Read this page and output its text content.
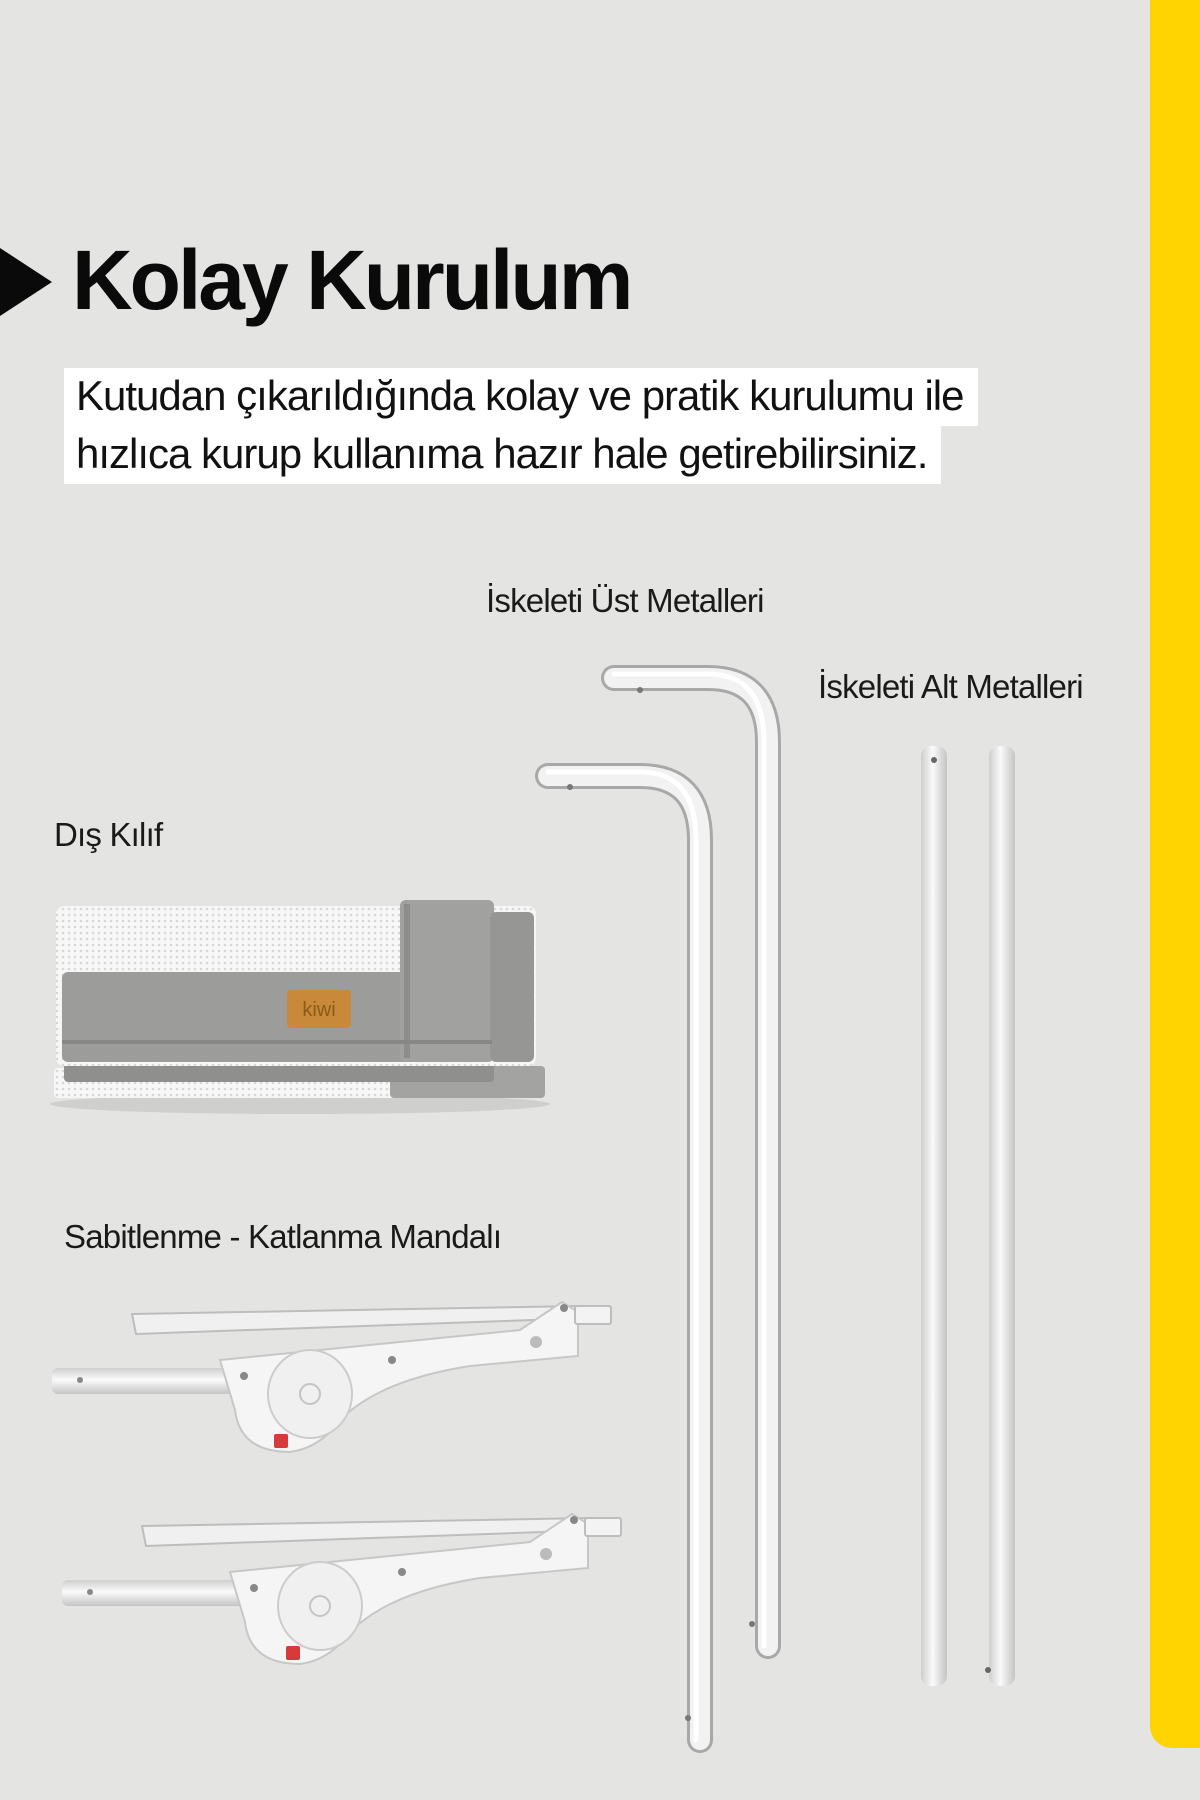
Kolay Kurulum
Kutudan çıkarıldığında kolay ve pratik kurulumu ile
hızlıca kurup kullanıma hazır hale getirebilirsiniz.
İskeleti Üst Metalleri
İskeleti Alt Metalleri
Dış Kılıf
Sabitlenme - Katlanma Mandalı
kiwi
